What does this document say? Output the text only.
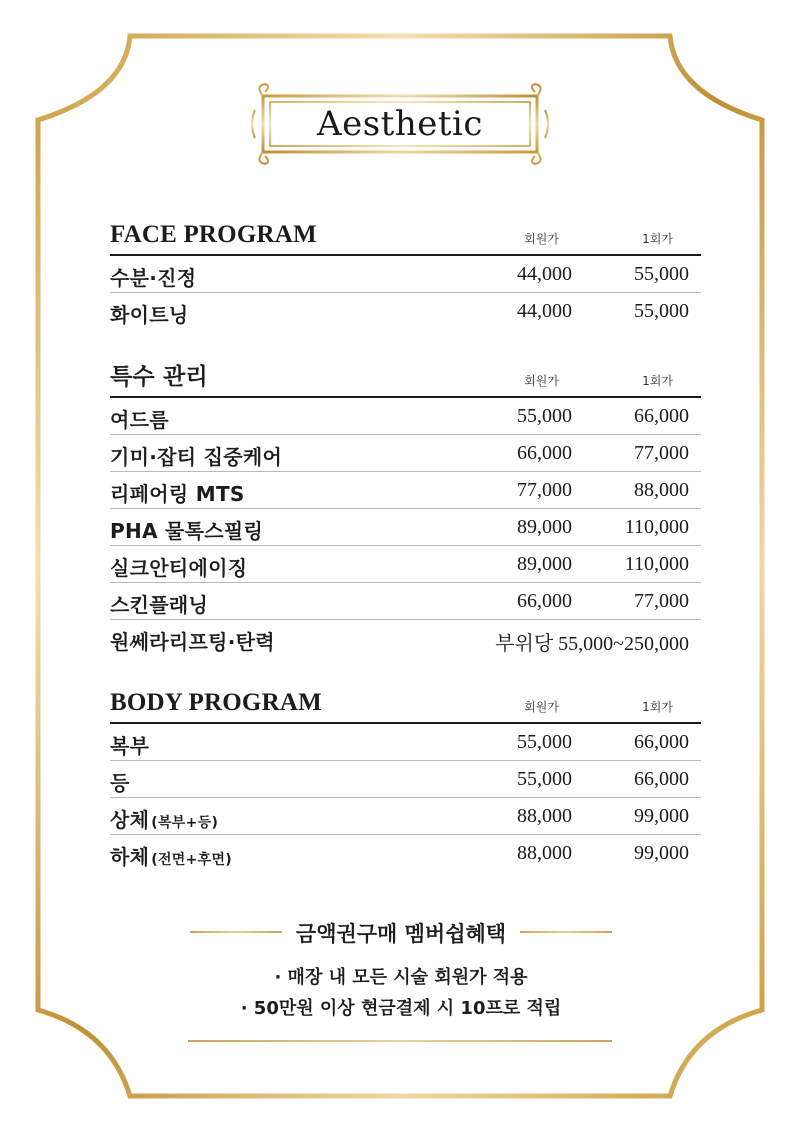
Aesthetic
FACE PROGRAM	회원가	1회가
수분·진정	44,000	55,000
화이트닝	44,000	55,000
특수 관리	회원가	1회가
여드름	55,000	66,000
기미·잡티 집중케어	66,000	77,000
리페어링 MTS	77,000	88,000
PHA 물톡스필링	89,000	110,000
실크안티에이징	89,000	110,000
스킨플래닝	66,000	77,000
원쎄라리프팅·탄력	부위당 55,000~250,000
BODY PROGRAM	회원가	1회가
복부	55,000	66,000
등	55,000	66,000
상체 (복부+등)	88,000	99,000
하체 (전면+후면)	88,000	99,000
금액권구매 멤버쉽혜택
· 매장 내 모든 시술 회원가 적용
· 50만원 이상 현금결제 시 10프로 적립
